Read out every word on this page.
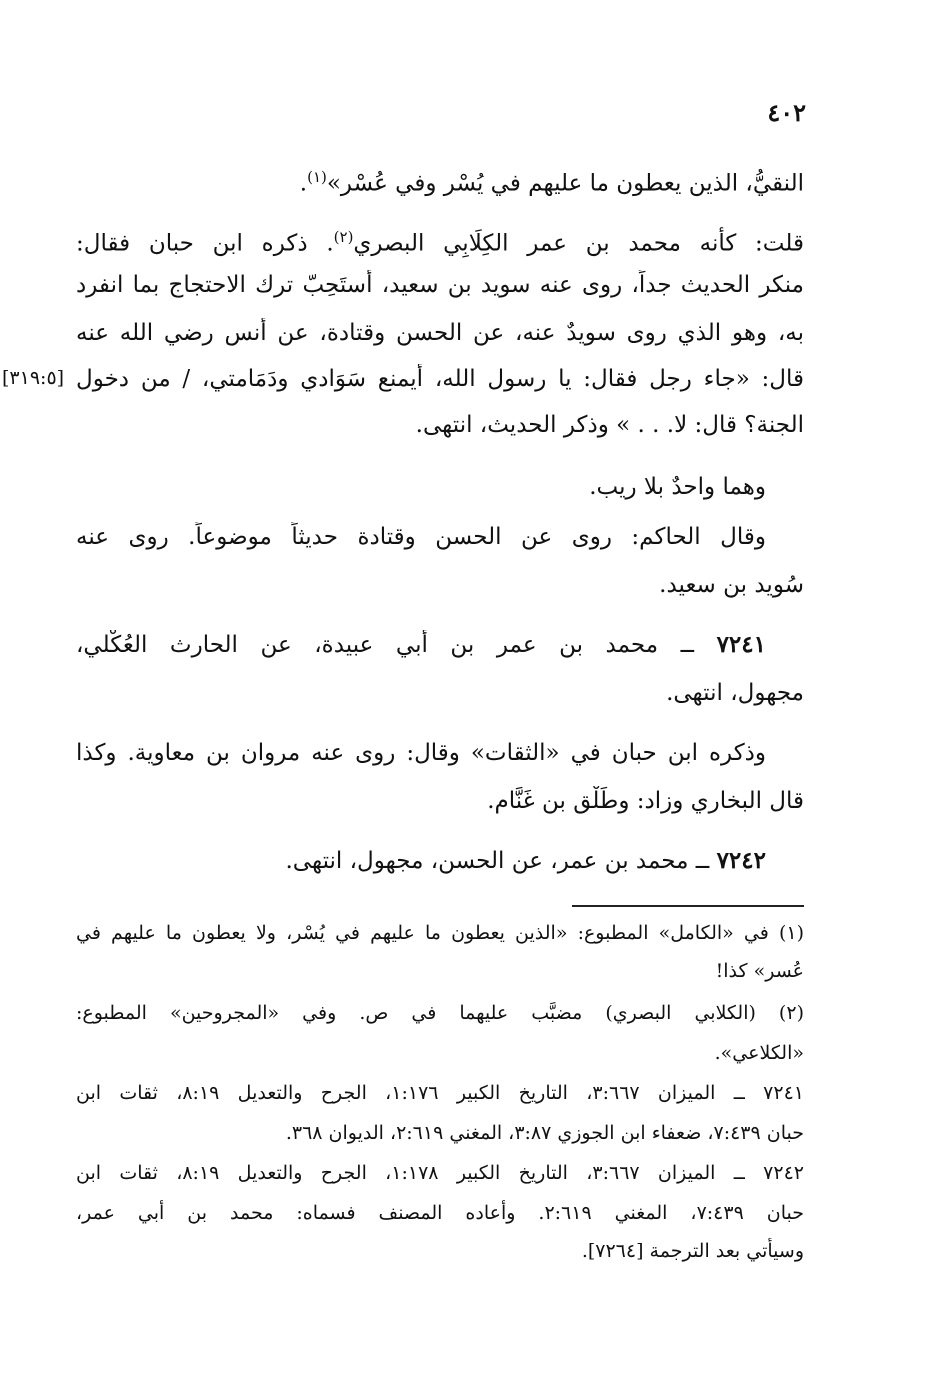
٤٠٢
النقيُّ، الذين يعطون ما عليهم في يُسْر وفي عُسْر»$^{(١)}$.
قلت: كأنه محمد بن عمر الكِلَابِي البصري$^{(٢)}$. ذكره ابن حبان فقال:
منكر الحديث جداً، روى عنه سويد بن سعيد، أستَحِبّ ترك الاحتجاج بما انفرد
به، وهو الذي روى سويدٌ عنه، عن الحسن وقتادة، عن أنس رضي الله عنه
قال: «جاء رجل فقال: يا رسول الله، أيمنع سَوَادي ودَمَامتي، / من دخول
[٣١٩:٥]
الجنة؟ قال: لا. . . » وذكر الحديث، انتهى.
وهما واحدٌ بلا ريب.
وقال الحاكم: روى عن الحسن وقتادة حديثاً موضوعاً. روى عنه
سُويد بن سعيد.
٧٢٤١ ــ محمد بن عمر بن أبي عبيدة، عن الحارث العُكْلي،
مجهول، انتهى.
وذكره ابن حبان في «الثقات» وقال: روى عنه مروان بن معاوية. وكذا
قال البخاري وزاد: وطَلْق بن غَنَّام.
٧٢٤٢ ــ محمد بن عمر، عن الحسن، مجهول، انتهى.
(١) في «الكامل» المطبوع: «الذين يعطون ما عليهم في يُسْر، ولا يعطون ما عليهم في
عُسر» كذا!
(٢) (الكلابي البصري) مضبَّب عليهما في ص. وفي «المجروحين» المطبوع:
«الكلاعي».
٧٢٤١ ــ الميزان ٣:٦٦٧، التاريخ الكبير ١:١٧٦، الجرح والتعديل ٨:١٩، ثقات ابن
حبان ٧:٤٣٩، ضعفاء ابن الجوزي ٣:٨٧، المغني ٢:٦١٩، الديوان ٣٦٨.
٧٢٤٢ ــ الميزان ٣:٦٦٧، التاريخ الكبير ١:١٧٨، الجرح والتعديل ٨:١٩، ثقات ابن
حبان ٧:٤٣٩، المغني ٢:٦١٩. وأعاده المصنف فسماه: محمد بن أبي عمر،
وسيأتي بعد الترجمة [٧٢٦٤].
